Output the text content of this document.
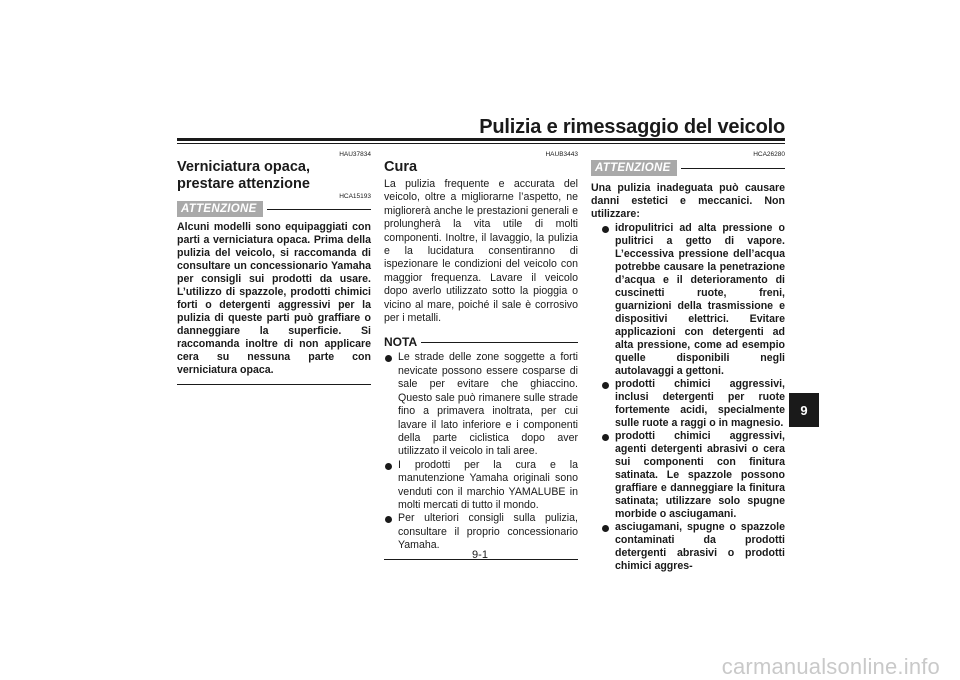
Pulizia e rimessaggio del veicolo
HAU37834
Verniciatura opaca, prestare attenzione
HCA15193
ATTENZIONE
Alcuni modelli sono equipaggiati con parti a verniciatura opaca. Prima della pulizia del veicolo, si raccomanda di consultare un concessionario Yamaha per consigli sui prodotti da usare. L’utilizzo di spazzole, prodotti chimici forti o detergenti aggressivi per la pulizia di queste parti può graffiare o danneggiare la superficie. Si raccomanda inoltre di non applicare cera su nessuna parte con verniciatura opaca.
HAUB3443
Cura
La pulizia frequente e accurata del veicolo, oltre a migliorarne l’aspetto, ne migliorerà anche le prestazioni generali e prolungherà la vita utile di molti componenti. Inoltre, il lavaggio, la pulizia e la lucidatura consentiranno di ispezionare le condizioni del veicolo con maggior frequenza. Lavare il veicolo dopo averlo utilizzato sotto la pioggia o vicino al mare, poiché il sale è corrosivo per i metalli.
NOTA
Le strade delle zone soggette a forti nevicate possono essere cosparse di sale per evitare che ghiaccino. Questo sale può rimanere sulle strade fino a primavera inoltrata, per cui lavare il lato inferiore e i componenti della parte ciclistica dopo aver utilizzato il veicolo in tali aree.
I prodotti per la cura e la manutenzione Yamaha originali sono venduti con il marchio YAMALUBE in molti mercati di tutto il mondo.
Per ulteriori consigli sulla pulizia, consultare il proprio concessionario Yamaha.
HCA26280
ATTENZIONE
Una pulizia inadeguata può causare danni estetici e meccanici. Non utilizzare:
idropulitrici ad alta pressione o pulitrici a getto di vapore. L’eccessiva pressione dell’acqua potrebbe causare la penetrazione d’acqua e il deterioramento di cuscinetti ruote, freni, guarnizioni della trasmissione e dispositivi elettrici. Evitare applicazioni con detergenti ad alta pressione, come ad esempio quelle disponibili negli autolavaggi a gettoni.
prodotti chimici aggressivi, inclusi detergenti per ruote fortemente acidi, specialmente sulle ruote a raggi o in magnesio.
prodotti chimici aggressivi, agenti detergenti abrasivi o cera sui componenti con finitura satinata. Le spazzole possono graffiare e danneggiare la finitura satinata; utilizzare solo spugne morbide o asciugamani.
asciugamani, spugne o spazzole contaminati da prodotti detergenti abrasivi o prodotti chimici aggres-
9
9-1
carmanualsonline.info
